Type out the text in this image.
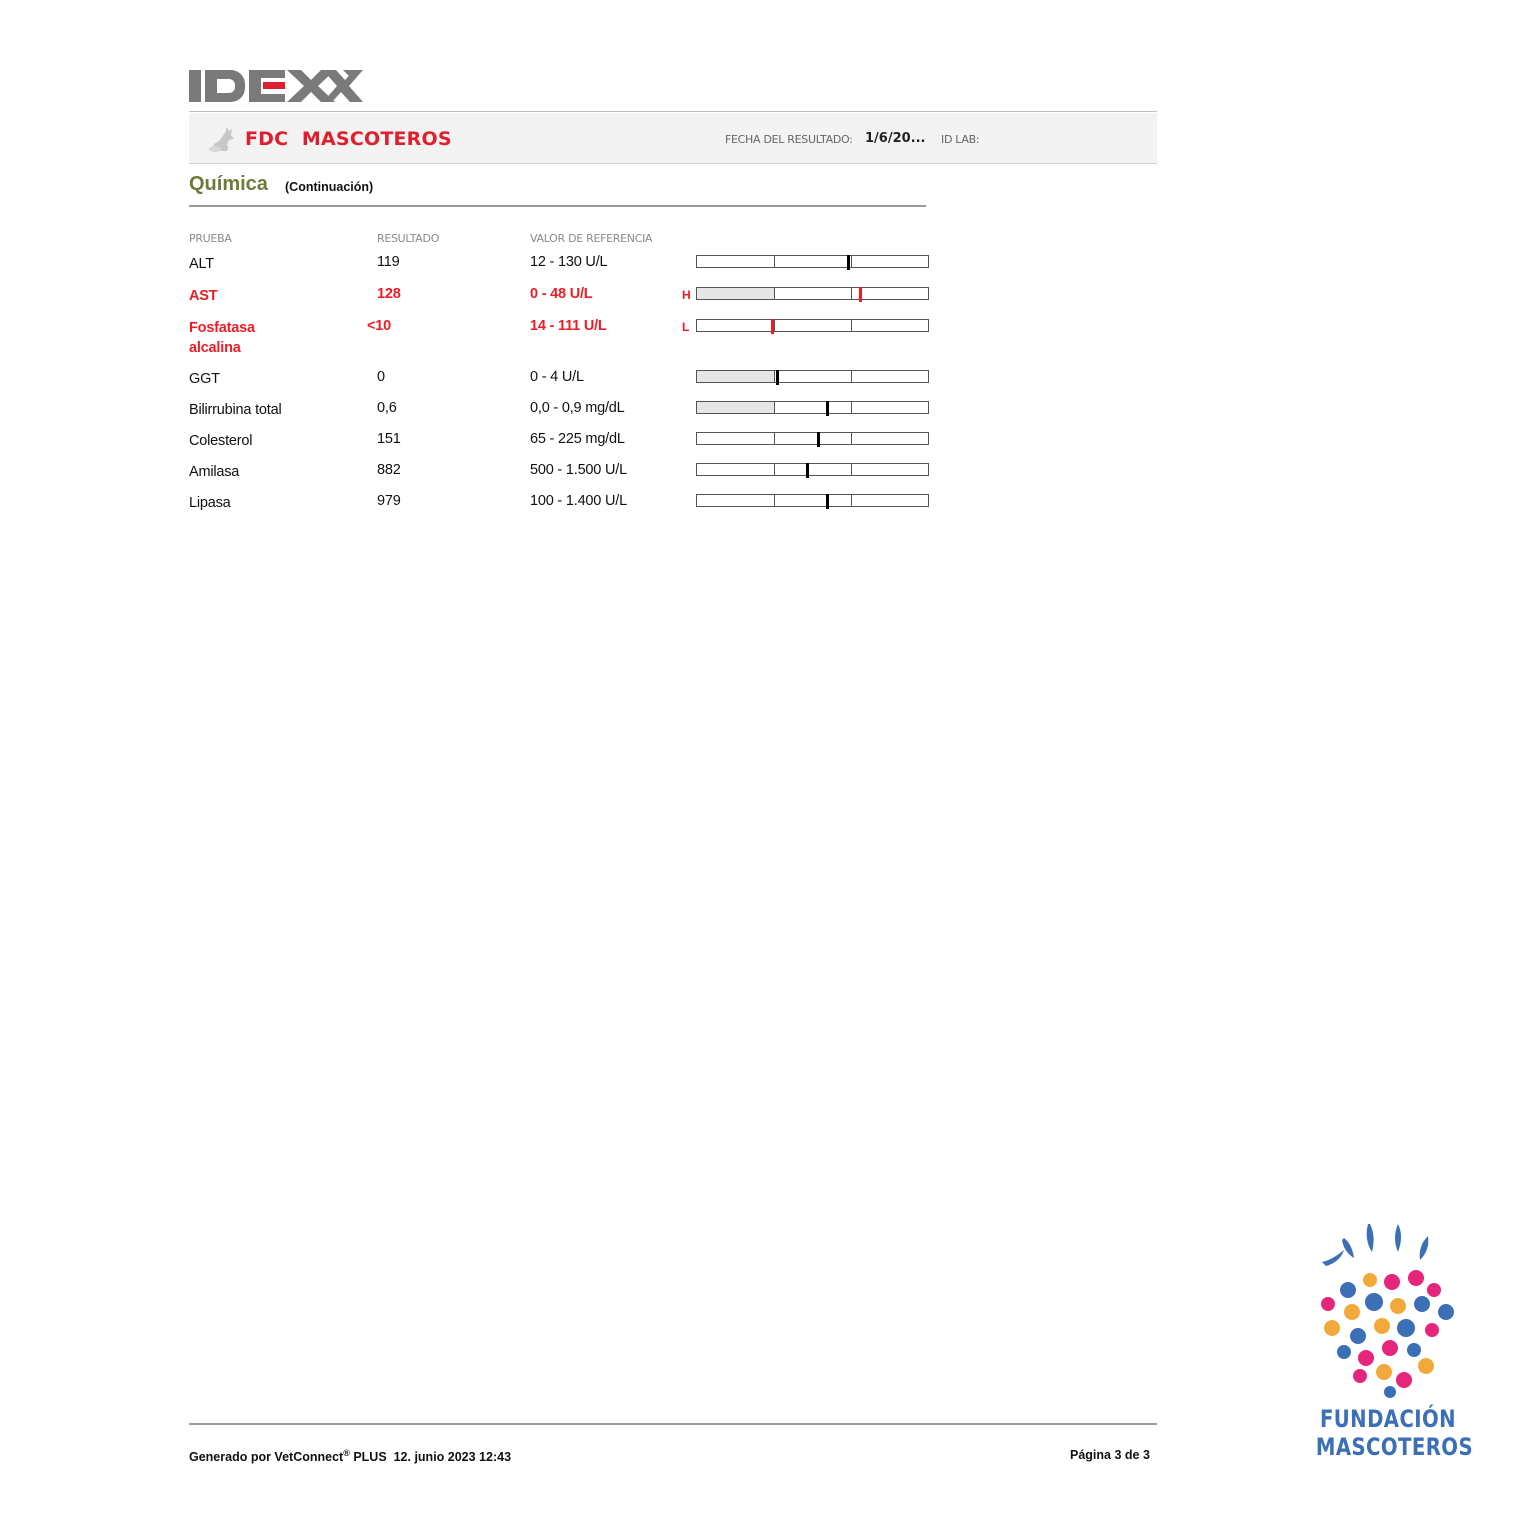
FDC  MASCOTEROS	FECHA DEL RESULTADO: 1/6/20... ID LAB:
Química (Continuación)
PRUEBA	RESULTADO	VALOR DE REFERENCIA
ALT	119	12 - 130 U/L
AST	128	0 - 48 U/L	H
Fosfatasa
alcalina
<10	14 - 111 U/L	L
GGT	0	0 - 4 U/L
Bilirrubina total	0,6	0,0 - 0,9 mg/dL
Colesterol	151	65 - 225 mg/dL
Amilasa	882	500 - 1.500 U/L
Lipasa	979	100 - 1.400 U/L
Generado por VetConnect® PLUS  12. junio 2023 12:43	Página 3 de 3
FUNDACIÓN
MASCOTEROS
